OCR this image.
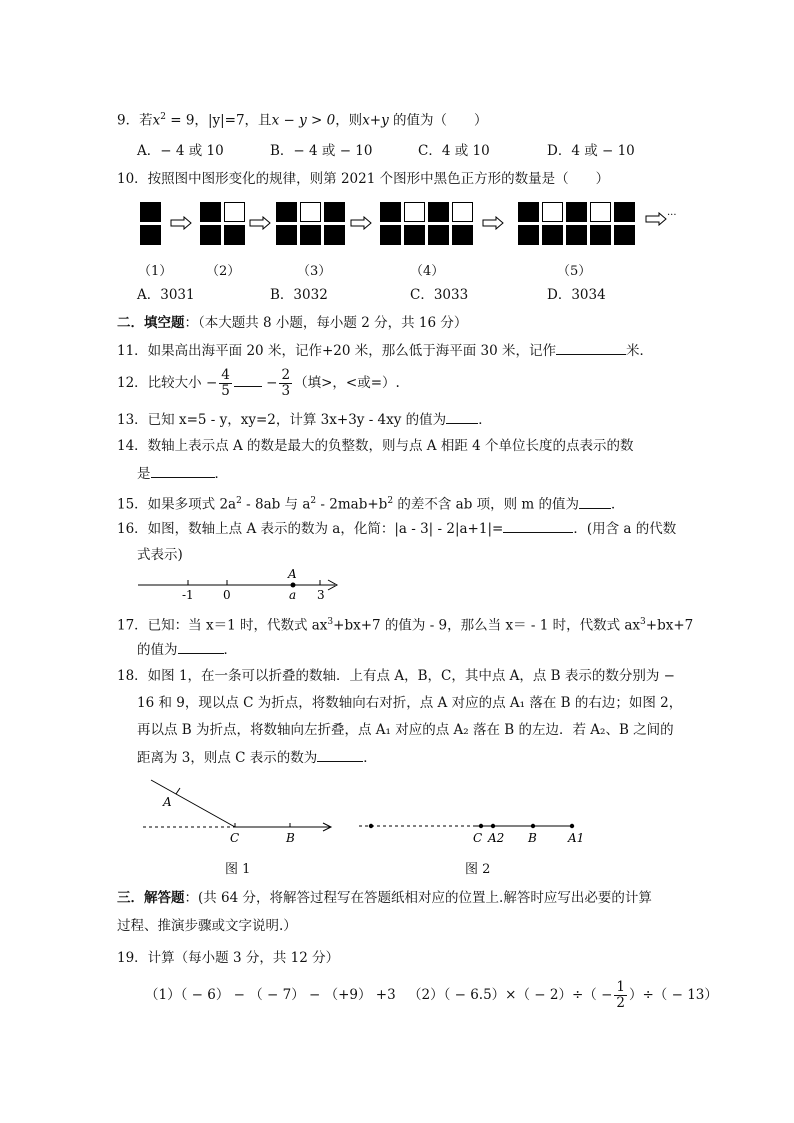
9．若$x^2 = 9$，|y|=7，且x − y > 0，则x+y 的值为（　　）
A．− 4 或 10	B．− 4 或 − 10	C．4 或 10	D．4 或 − 10
10．按照图中图形变化的规律，则第 2021 个图形中黑色正方形的数量是（　　）
···
（1）	（2）	（3）	（4）	（5）
A．3031	B．3032	C．3033	D．3034
二．填空题：（本大题共 8 小题，每小题 2 分，共 16 分）
11．如果高出海平面 20 米，记作+20 米，那么低于海平面 30 米，记作	米．
12．比较大小 − $\frac{4}{5} - \frac{2}{3}$ （填>，<或=）.
13．已知 x=5 - y，xy=2，计算 3x+3y - 4xy 的值为 ．
14．数轴上表示点 A 的数是最大的负整数，则与点 A 相距 4 个单位长度的点表示的数
是	．
15．如果多项式 $2a^2 - 8ab$ 与 $a^2 - 2mab+b^2$ 的差不含 ab 项，则 m 的值为 ．
16．如图，数轴上点 A 表示的数为 a，化简：|a - 3| - 2|a+1|=	．(用含 a 的代数
式表示)
-1 0	a 3
A
17．已知：当 x＝1 时，代数式 $ax^3+bx+7$ 的值为 - 9，那么当 x＝ - 1 时，代数式 $ax^3+bx+7$
的值为	．
18．如图 1，在一条可以折叠的数轴．上有点 A，B，C，其中点 A，点 B 表示的数分别为 −
16 和 9，现以点 C 为折点，将数轴向右对折，点 A 对应的点 A₁ 落在 B 的右边；如图 2，
再以点 B 为折点，将数轴向左折叠，点 A₁ 对应的点 A₂ 落在 B 的左边．若 A₂、B 之间的
距离为 3，则点 C 表示的数为	．
A
C	B
图 1
C A2 B	A1
图 2
三．解答题：(共 64 分，将解答过程写在答题纸相对应的位置上.解答时应写出必要的计算
过程、推演步骤或文字说明.）
19．计算（每小题 3 分，共 12 分）
（1）（ − 6） − （ − 7） − （+9） +3 $(2)( - 6.5)\times( - 2)\div( - \frac{1}{2}$ ）÷（ − 13）
